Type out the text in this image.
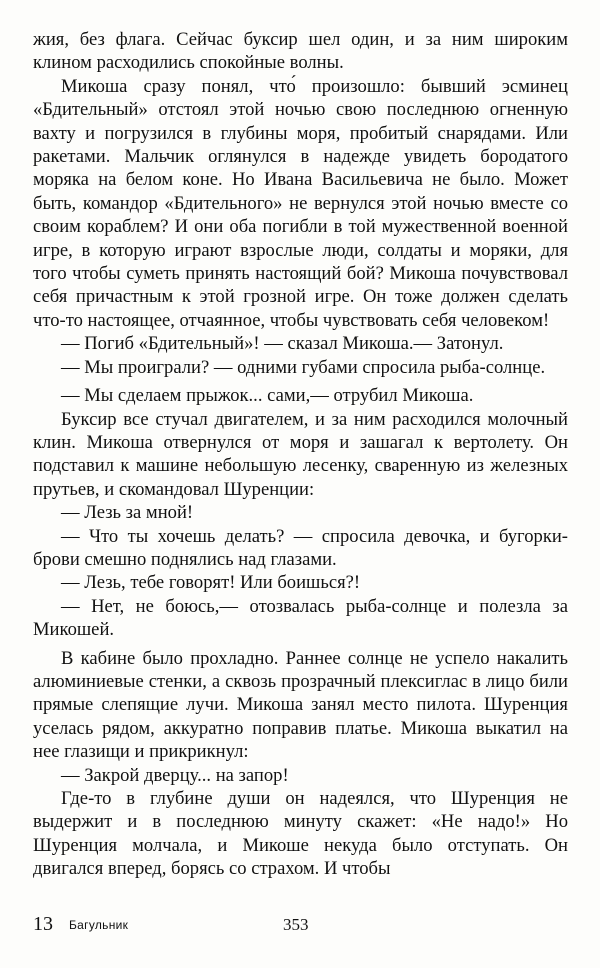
жия, без флага. Сейчас буксир шел один, и за ним широким клином расходились спокойные волны.

Микоша сразу понял, что́ произошло: бывший эсминец «Бдительный» отстоял этой ночью свою последнюю огненную вахту и погрузился в глубины моря, пробитый снарядами. Или ракетами. Мальчик оглянулся в надежде увидеть бородатого моряка на белом коне. Но Ивана Васильевича не было. Может быть, командор «Бдительного» не вернулся этой ночью вместе со своим кораблем? И они оба погибли в той мужественной военной игре, в которую играют взрослые люди, солдаты и моряки, для того чтобы суметь принять настоящий бой? Микоша почувствовал себя причастным к этой грозной игре. Он тоже должен сделать что-то настоящее, отчаянное, чтобы чувствовать себя человеком!

— Погиб «Бдительный»! — сказал Микоша.— Затонул.

— Мы проиграли? — одними губами спросила рыба-солнце.

— Мы сделаем прыжок... сами,— отрубил Микоша.

Буксир все стучал двигателем, и за ним расходился молочный клин. Микоша отвернулся от моря и зашагал к вертолету. Он подставил к машине небольшую лесенку, сваренную из железных прутьев, и скомандовал Шуренции:

— Лезь за мной!

— Что ты хочешь делать? — спросила девочка, и бугорки-брови смешно поднялись над глазами.

— Лезь, тебе говорят! Или боишься?!

— Нет, не боюсь,— отозвалась рыба-солнце и полезла за Микошей.

В кабине было прохладно. Раннее солнце не успело накалить алюминиевые стенки, а сквозь прозрачный плексиглас в лицо били прямые слепящие лучи. Микоша занял место пилота. Шуренция уселась рядом, аккуратно поправив платье. Микоша выкатил на нее глазищи и прикрикнул:

— Закрой дверцу... на запор!

Где-то в глубине души он надеялся, что Шуренция не выдержит и в последнюю минуту скажет: «Не надо!» Но Шуренция молчала, и Микоше некуда было отступать. Он двигался вперед, борясь со страхом. И чтобы

13 Багульник	353
